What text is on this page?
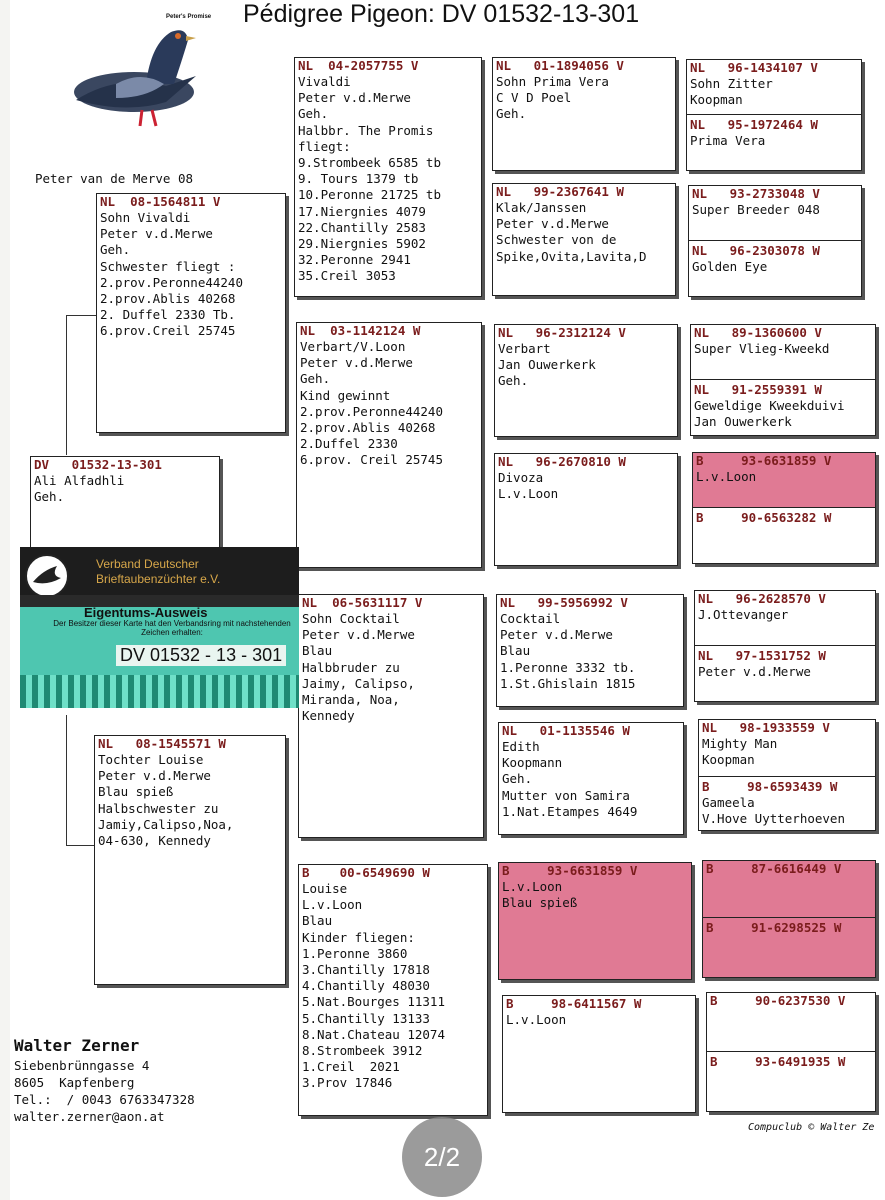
Pédigree Pigeon: DV 01532-13-301
Peter's Promise
Peter van de Merve 08
DV   01532-13-301
Ali Alfadhli
Geh.
NL  08-1564811 V
Sohn Vivaldi
Peter v.d.Merwe
Geh.
Schwester fliegt :
2.prov.Peronne44240
2.prov.Ablis 40268
2. Duffel 2330 Tb.
6.prov.Creil 25745
NL   08-1545571 W
Tochter Louise
Peter v.d.Merwe
Blau spieß
Halbschwester zu
Jamiy,Calipso,Noa,
04-630, Kennedy
NL  04-2057755 V
Vivaldi
Peter v.d.Merwe
Geh.
Halbbr. The Promis
fliegt:
9.Strombeek 6585 tb
9. Tours 1379 tb
10.Peronne 21725 tb
17.Niergnies 4079
22.Chantilly 2583
29.Niergnies 5902
32.Peronne 2941
35.Creil 3053
NL  03-1142124 W
Verbart/V.Loon
Peter v.d.Merwe
Geh.
Kind gewinnt
2.prov.Peronne44240
2.prov.Ablis 40268
2.Duffel 2330
6.prov. Creil 25745
NL  06-5631117 V
Sohn Cocktail
Peter v.d.Merwe
Blau
Halbbruder zu
Jaimy, Calipso,
Miranda, Noa,
Kennedy
B    00-6549690 W
Louise
L.v.Loon
Blau
Kinder fliegen:
1.Peronne 3860
3.Chantilly 17818
4.Chantilly 48030
5.Nat.Bourges 11311
5.Chantilly 13133
8.Nat.Chateau 12074
8.Strombeek 3912
1.Creil  2021
3.Prov 17846
NL   01-1894056 V
Sohn Prima Vera
C V D Poel
Geh.
NL   99-2367641 W
Klak/Janssen
Peter v.d.Merwe
Schwester von de
Spike,Ovita,Lavita,D
NL   96-2312124 V
Verbart
Jan Ouwerkerk
Geh.
NL   96-2670810 W
Divoza
L.v.Loon
NL   99-5956992 V
Cocktail
Peter v.d.Merwe
Blau
1.Peronne 3332 tb.
1.St.Ghislain 1815
NL   01-1135546 W
Edith
Koopmann
Geh.
Mutter von Samira
1.Nat.Etampes 4649
B     93-6631859 V
L.v.Loon
Blau spieß
B     98-6411567 W
L.v.Loon
NL   96-1434107 V
Sohn Zitter
Koopman
NL   95-1972464 W
Prima Vera
NL   93-2733048 V
Super Breeder 048
NL   96-2303078 W
Golden Eye
NL   89-1360600 V
Super Vlieg-Kweekd
NL   91-2559391 W
Geweldige Kweekduivi
Jan Ouwerkerk
B     93-6631859 V
L.v.Loon
B     90-6563282 W
NL   96-2628570 V
J.Ottevanger
NL   97-1531752 W
Peter v.d.Merwe
NL   98-1933559 V
Mighty Man
Koopman
B     98-6593439 W
Gameela
V.Hove Uytterhoeven
B     87-6616449 V
B     91-6298525 W
B     90-6237530 V
B     93-6491935 W
Verband Deutscher
Brieftaubenzüchter e.V.
Eigentums-Ausweis
Der Besitzer dieser Karte hat den Verbandsring mit nachstehenden Zeichen erhalten:
DV 01532 - 13 - 301
Walter Zerner
Siebenbrünngasse 4
8605  Kapfenberg
Tel.:  / 0043 6763347328
walter.zerner@aon.at
Compuclub © Walter Ze
2/2
